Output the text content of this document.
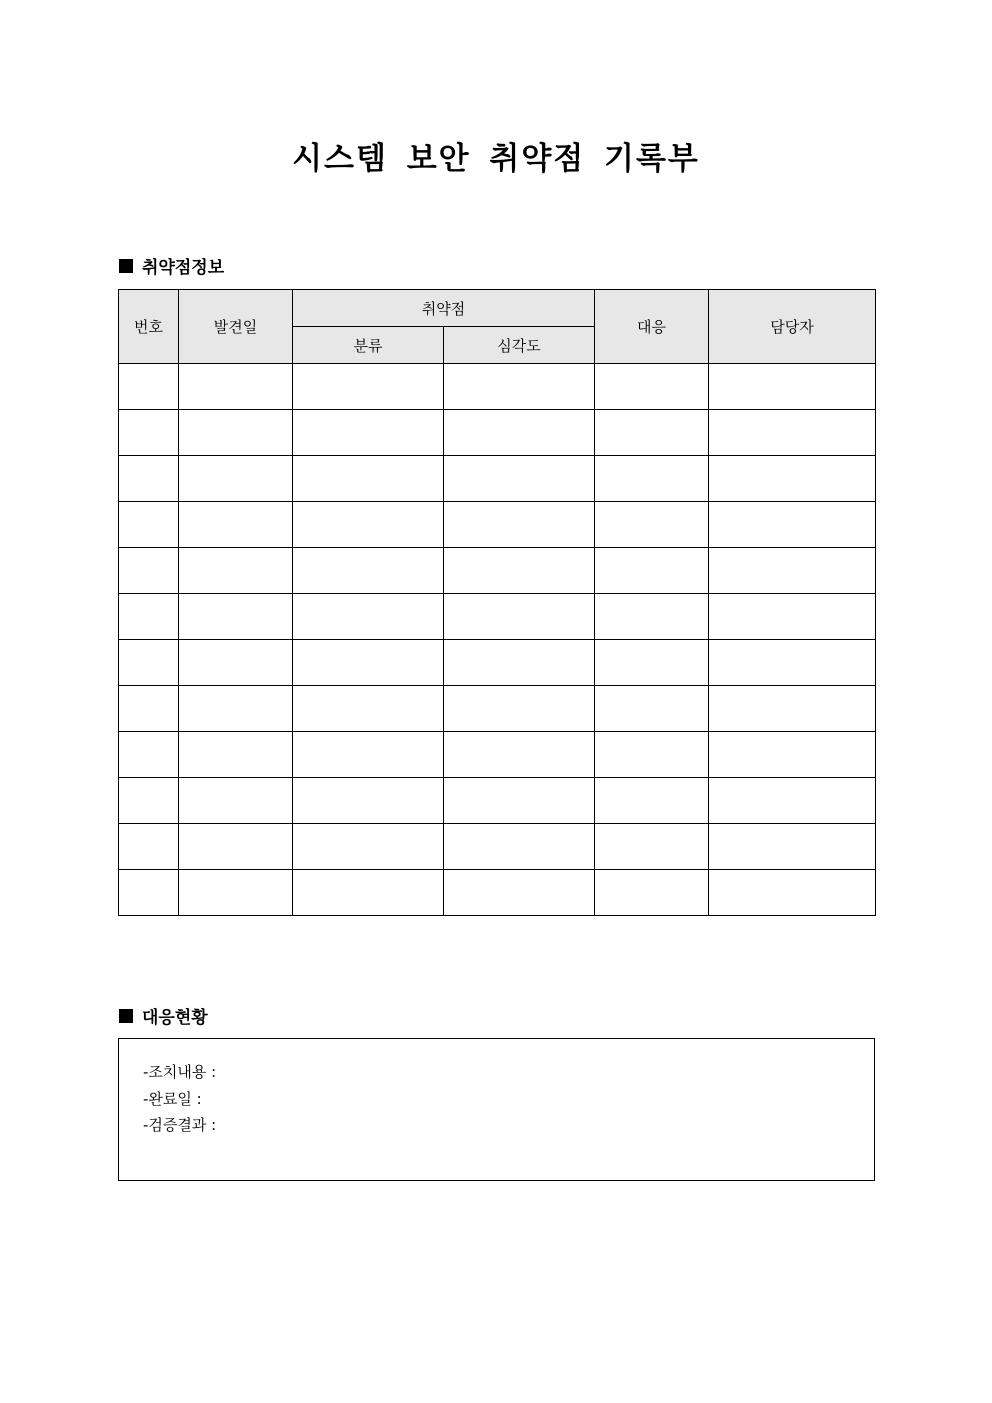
시스템 보안 취약점 기록부
취약점정보
번호	발견일	취약점		대응	담당자
		분류	심각도		

대응현황
-조치내용 :
-완료일 :
-검증결과 :
